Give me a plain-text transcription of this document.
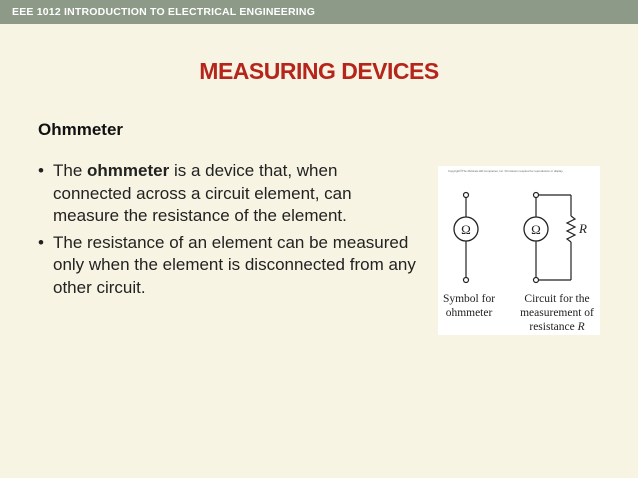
EEE 1012 INTRODUCTION TO ELECTRICAL ENGINEERING
MEASURING DEVICES
Ohmmeter
• The ohmmeter is a device that, when connected across a circuit element, can measure the resistance of the element.
• The resistance of an element can be measured only when the element is disconnected from any other circuit.
Copyright©The McGraw-Hill Companies, Inc. Permission required for reproduction or display.
Ω	Ω	R
Symbol for
ohmmeter
Circuit for the
measurement of
resistance R
